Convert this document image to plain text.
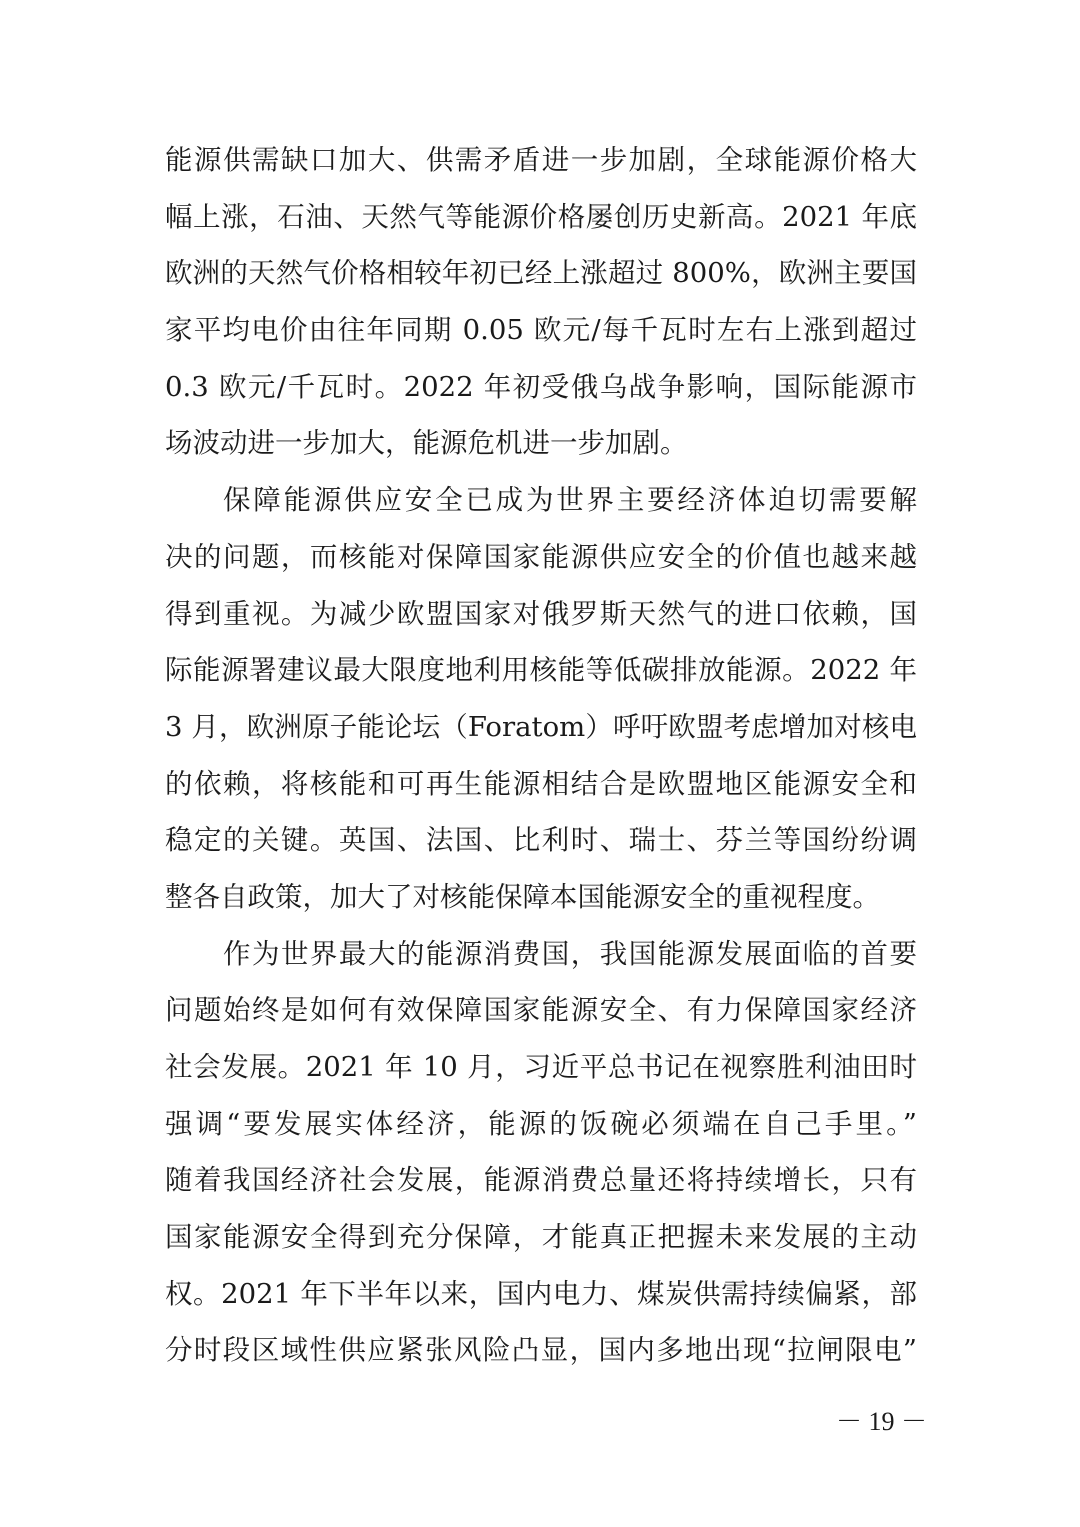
能源供需缺口加大、供需矛盾进一步加剧，全球能源价格大
幅上涨，石油、天然气等能源价格屡创历史新高。2021 年底
欧洲的天然气价格相较年初已经上涨超过 800%，欧洲主要国
家平均电价由往年同期 0.05 欧元/每千瓦时左右上涨到超过
0.3 欧元/千瓦时。2022 年初受俄乌战争影响，国际能源市
场波动进一步加大，能源危机进一步加剧。
保障能源供应安全已成为世界主要经济体迫切需要解
决的问题，而核能对保障国家能源供应安全的价值也越来越
得到重视。为减少欧盟国家对俄罗斯天然气的进口依赖，国
际能源署建议最大限度地利用核能等低碳排放能源。2022 年
3 月，欧洲原子能论坛（Foratom）呼吁欧盟考虑增加对核电
的依赖，将核能和可再生能源相结合是欧盟地区能源安全和
稳定的关键。英国、法国、比利时、瑞士、芬兰等国纷纷调
整各自政策，加大了对核能保障本国能源安全的重视程度。
作为世界最大的能源消费国，我国能源发展面临的首要
问题始终是如何有效保障国家能源安全、有力保障国家经济
社会发展。2021 年 10 月，习近平总书记在视察胜利油田时
强调“要发展实体经济，能源的饭碗必须端在自己手里。”
随着我国经济社会发展，能源消费总量还将持续增长，只有
国家能源安全得到充分保障，才能真正把握未来发展的主动
权。2021 年下半年以来，国内电力、煤炭供需持续偏紧，部
分时段区域性供应紧张风险凸显，国内多地出现“拉闸限电”
－ 19 －
